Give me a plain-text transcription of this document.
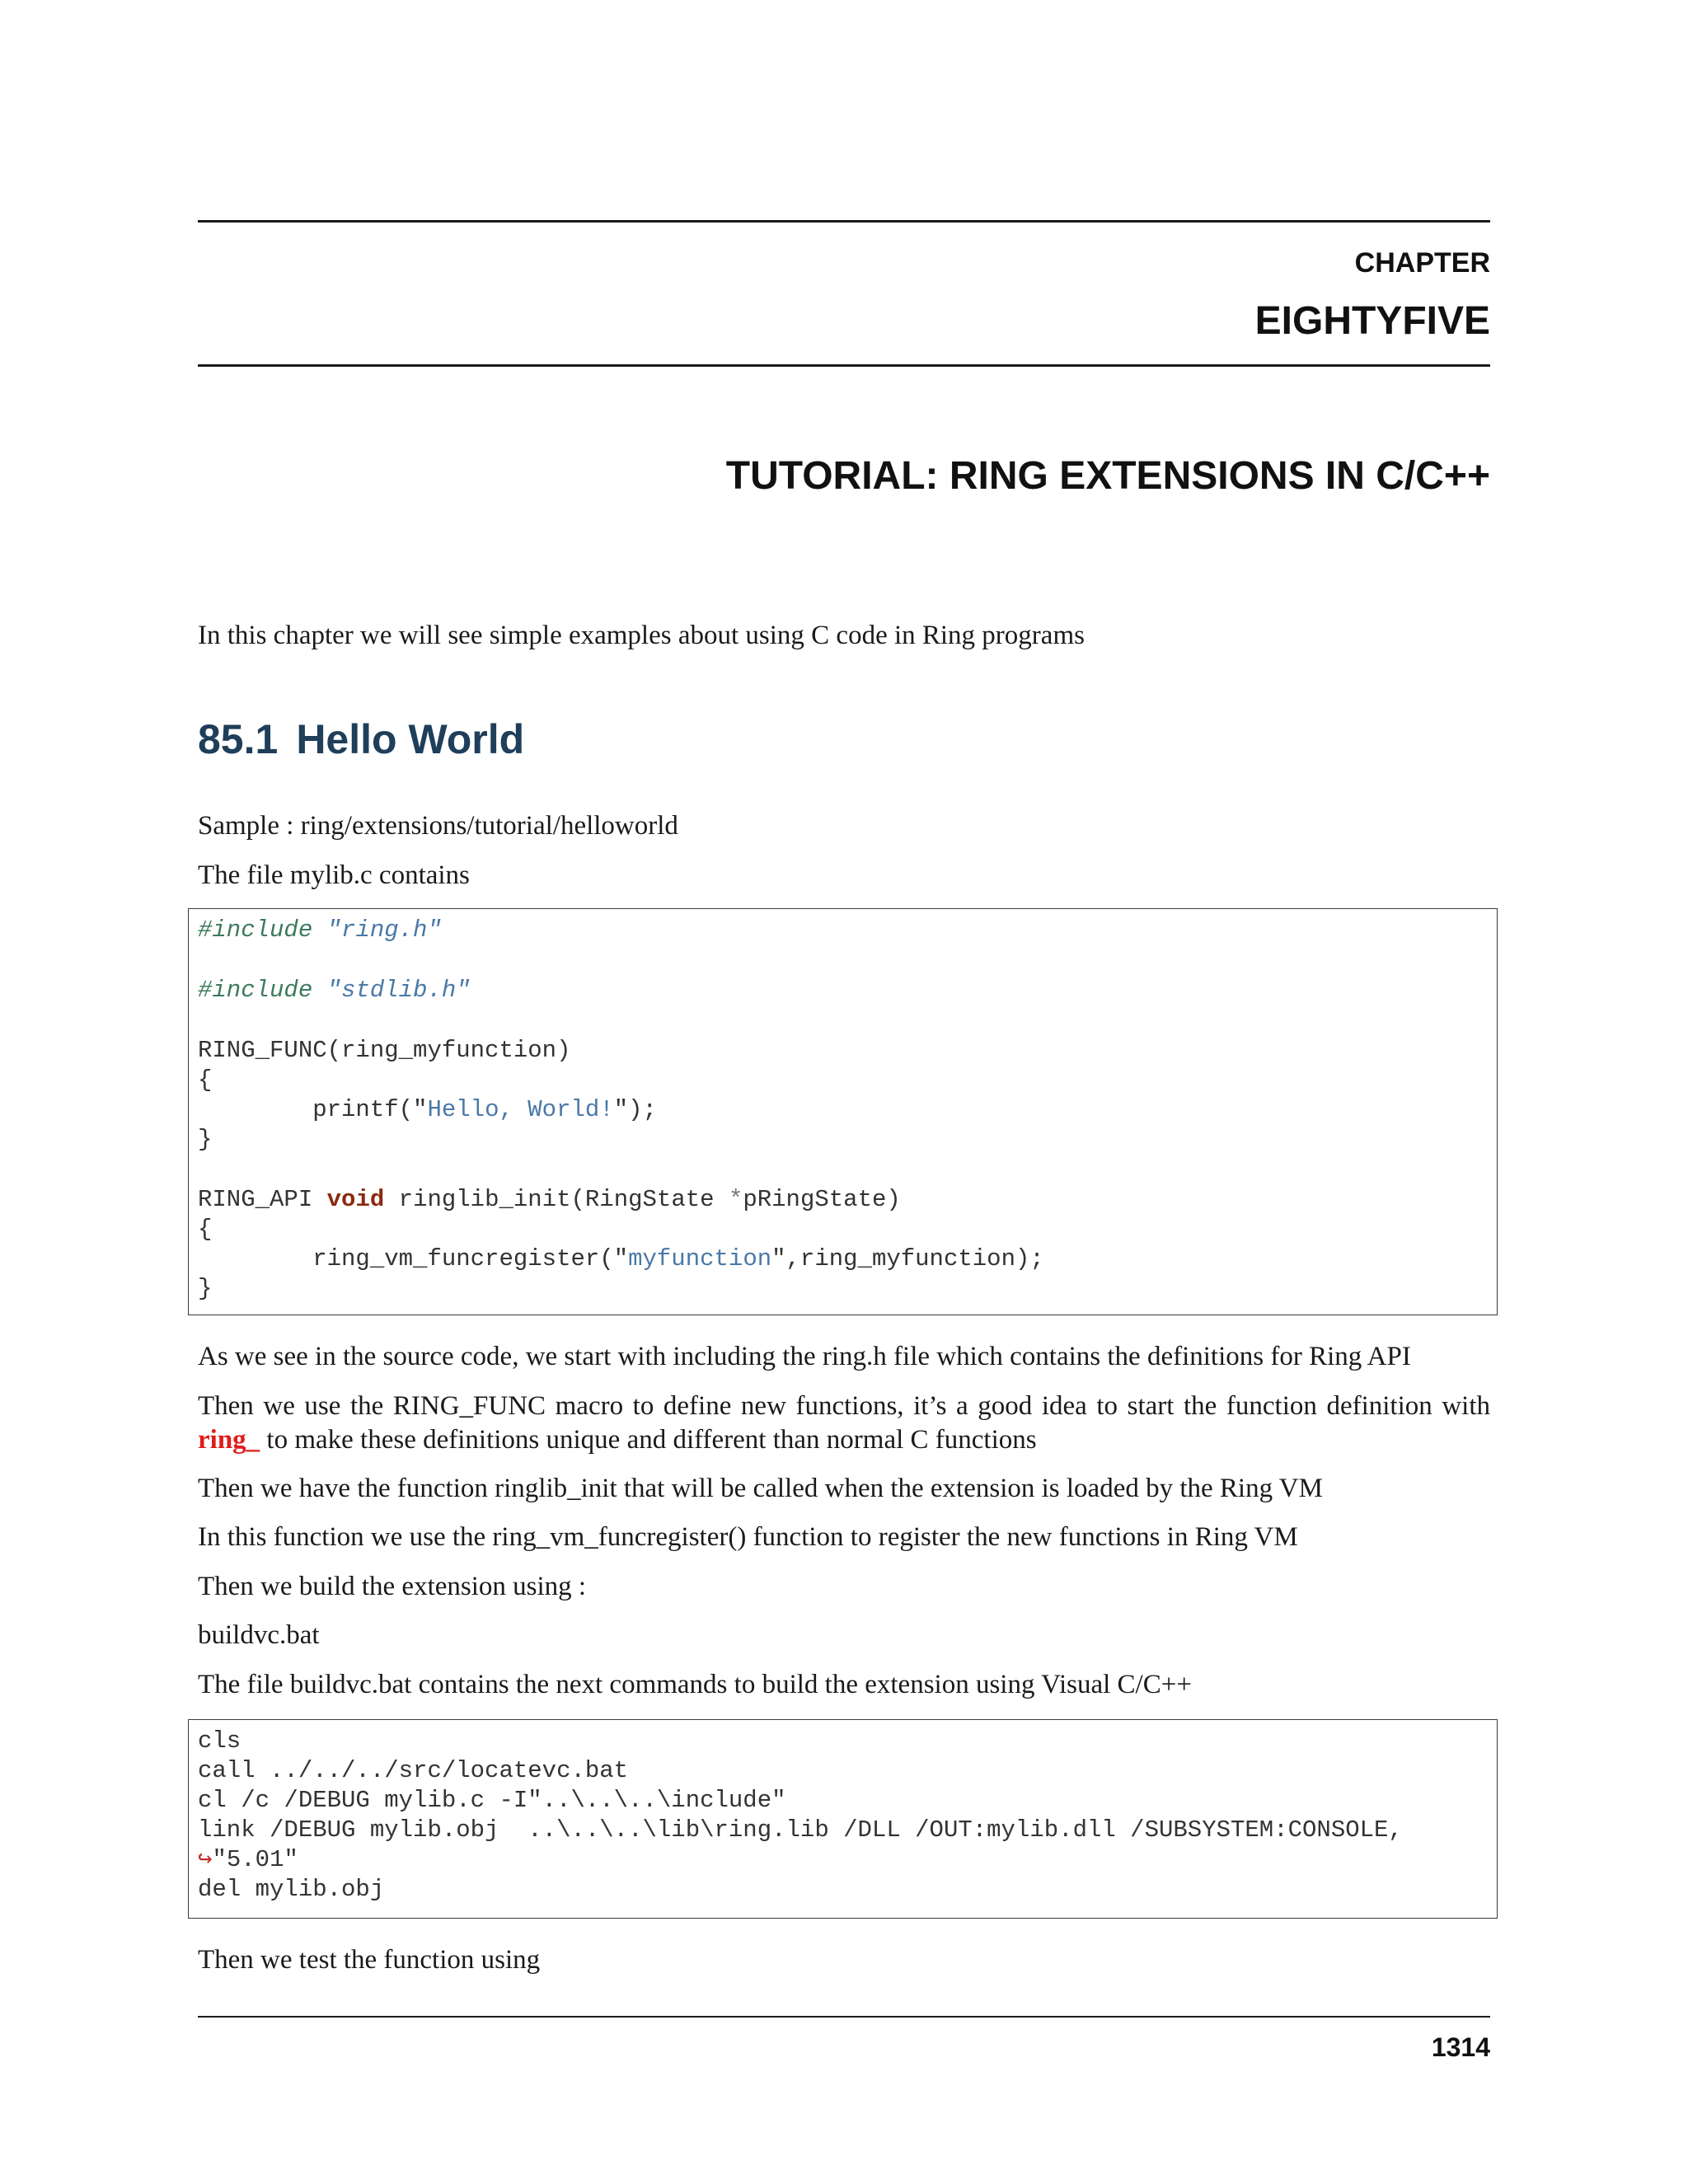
CHAPTER
EIGHTYFIVE
TUTORIAL: RING EXTENSIONS IN C/C++

In this chapter we will see simple examples about using C code in Ring programs

85.1 Hello World

Sample : ring/extensions/tutorial/helloworld

The file mylib.c contains

#include "ring.h"
#include "stdlib.h"
RING_FUNC(ring_myfunction)
{
printf("Hello, World!");
}
RING_API void ringlib_init(RingState *pRingState)
{
ring_vm_funcregister("myfunction",ring_myfunction);
}

As we see in the source code, we start with including the ring.h file which contains the definitions for Ring API

Then we use the RING_FUNC macro to define new functions, it’s a good idea to start the function definition with ring_ to make these definitions unique and different than normal C functions

Then we have the function ringlib_init that will be called when the extension is loaded by the Ring VM

In this function we use the ring_vm_funcregister() function to register the new functions in Ring VM

Then we build the extension using :

buildvc.bat

The file buildvc.bat contains the next commands to build the extension using Visual C/C++

cls
call ../../../src/locatevc.bat
cl /c /DEBUG mylib.c -I"..\..\..\include"
link /DEBUG mylib.obj  ..\..\..\lib\ring.lib /DLL /OUT:mylib.dll /SUBSYSTEM:CONSOLE,
↪"5.01"
del mylib.obj

Then we test the function using

1314
